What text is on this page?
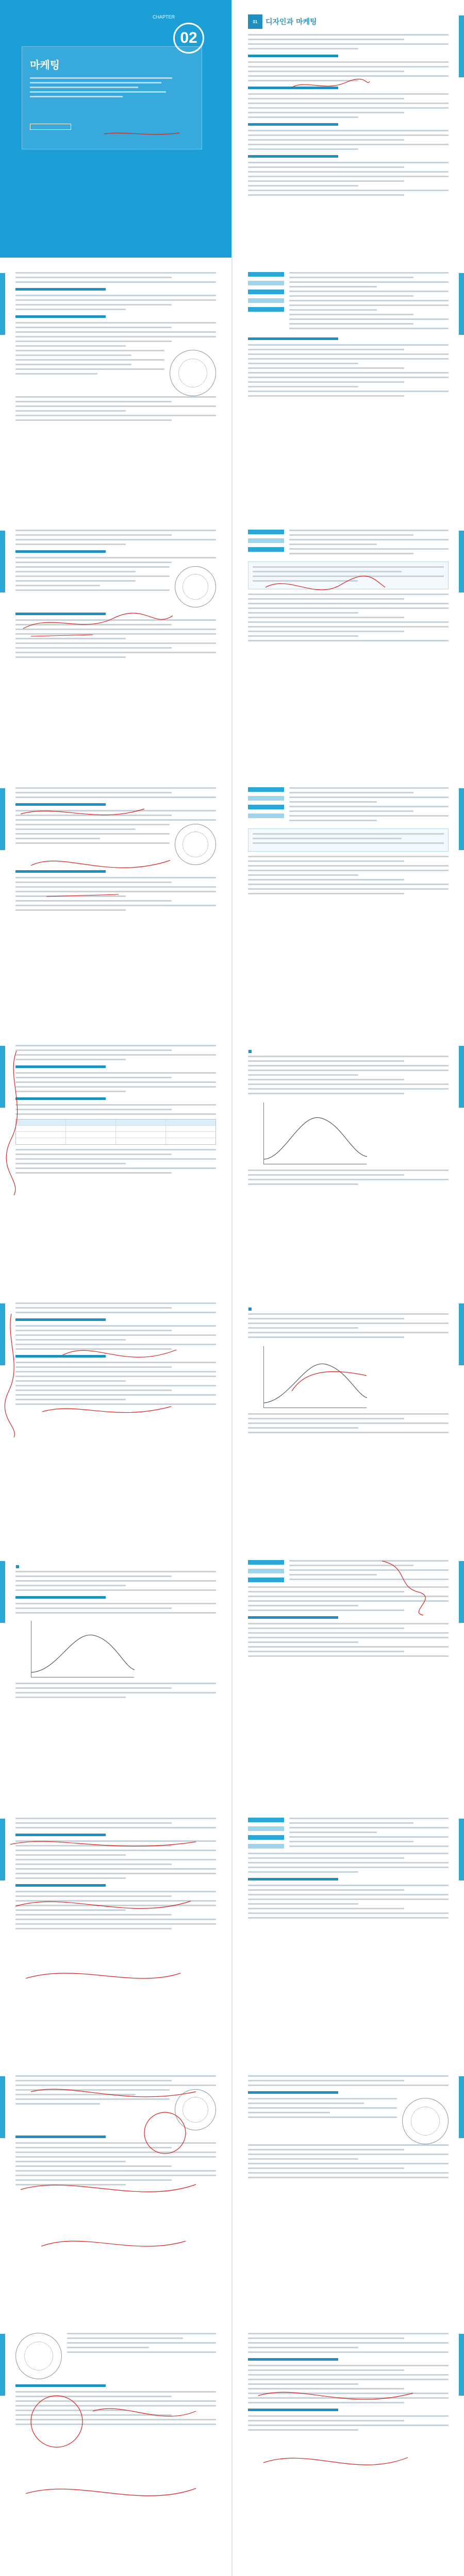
CHAPTER
02
마케팅
01	디자인과 마케팅
■
■
■
